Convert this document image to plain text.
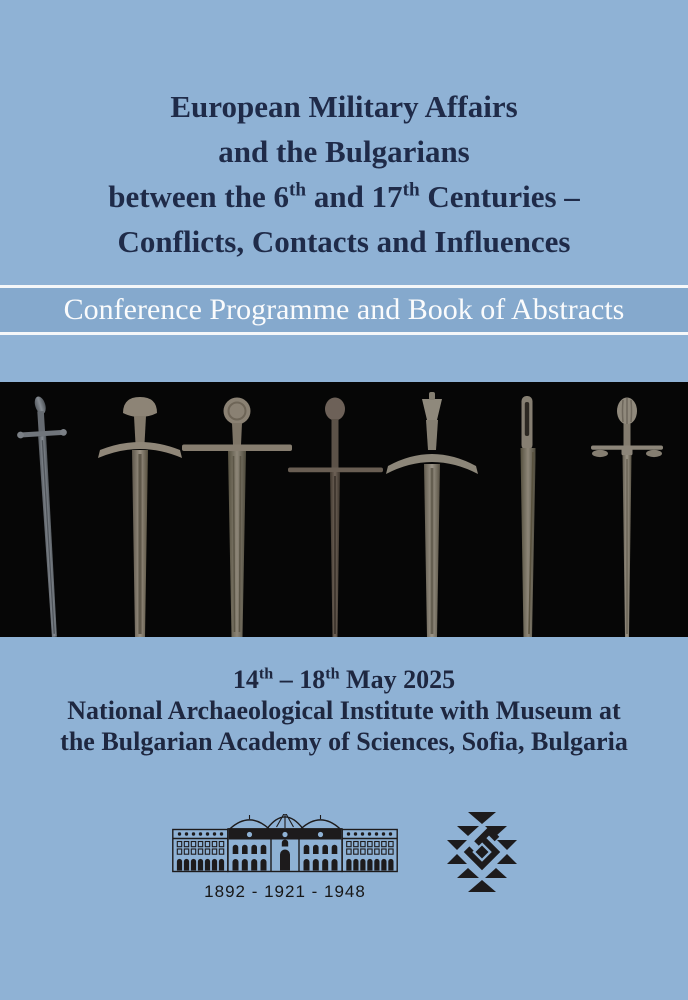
European Military Affairs
and the Bulgarians
between the 6th and 17th Centuries –
Conflicts, Contacts and Influences
Conference Programme and Book of Abstracts
14th – 18th May 2025
National Archaeological Institute with Museum at
the Bulgarian Academy of Sciences, Sofia, Bulgaria
1892 - 1921 - 1948
